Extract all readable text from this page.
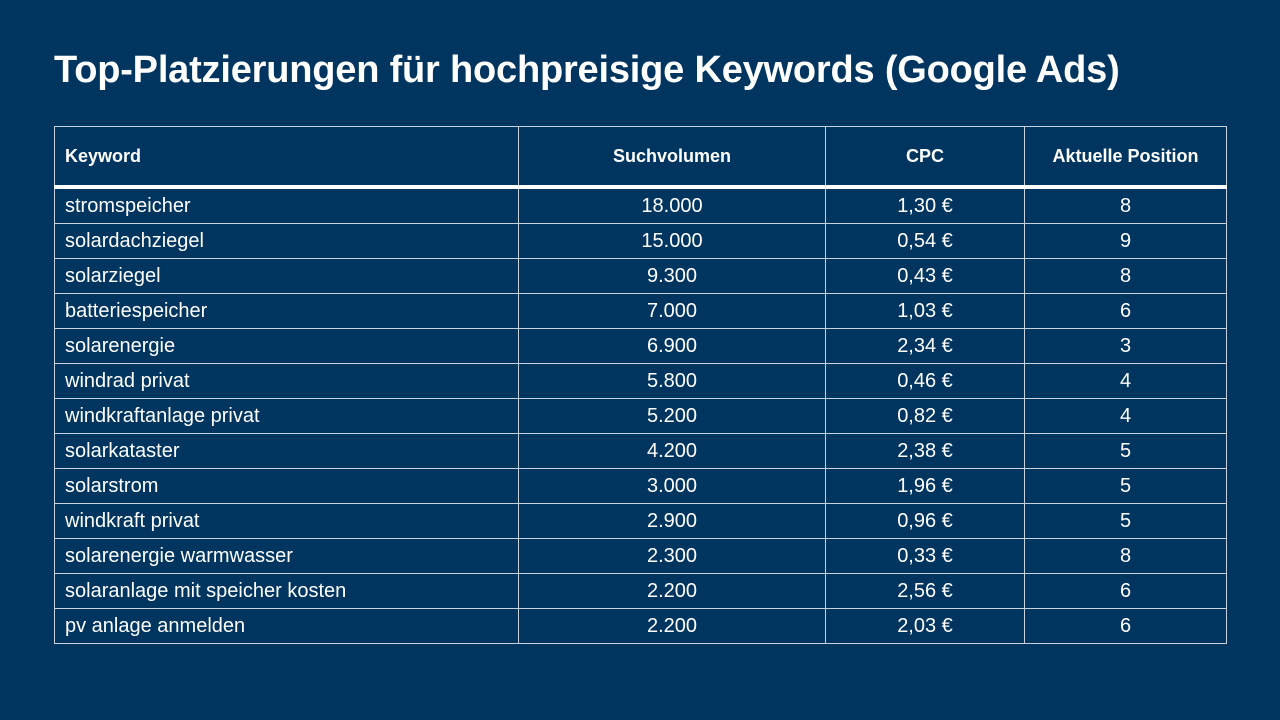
Top-Platzierungen für hochpreisige Keywords (Google Ads)
Keyword	Suchvolumen	CPC	Aktuelle Position
stromspeicher	18.000	1,30 €	8
solardachziegel	15.000	0,54 €	9
solarziegel	9.300	0,43 €	8
batteriespeicher	7.000	1,03 €	6
solarenergie	6.900	2,34 €	3
windrad privat	5.800	0,46 €	4
windkraftanlage privat	5.200	0,82 €	4
solarkataster	4.200	2,38 €	5
solarstrom	3.000	1,96 €	5
windkraft privat	2.900	0,96 €	5
solarenergie warmwasser	2.300	0,33 €	8
solaranlage mit speicher kosten	2.200	2,56 €	6
pv anlage anmelden	2.200	2,03 €	6
